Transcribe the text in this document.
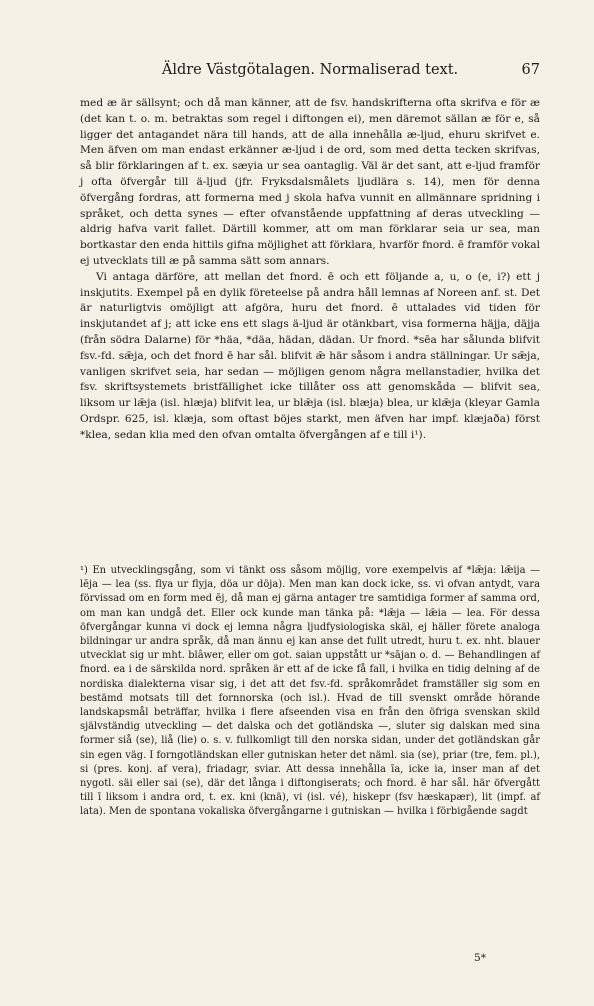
Äldre Västgötalagen. Normaliserad text.	67

med æ är sällsynt; och då man känner, att de fsv. handskrifterna ofta skrifva e för æ (det kan t. o. m. betraktas som regel i diftongen ei), men däremot sällan æ för e, så ligger det antagandet nära till hands, att de alla innehålla æ-ljud, ehuru skrifvet e. Men äfven om man endast erkänner æ-ljud i de ord, som med detta tecken skrifvas, så blir förklaringen af t. ex. sæyia ur sea oantaglig. Väl är det sant, att e-ljud framför j ofta öfvergår till ä-ljud (jfr. Fryksdalsmålets ljudlära s. 14), men för denna öfvergång fordras, att formerna med j skola hafva vunnit en allmännare spridning i språket, och detta synes — efter ofvanstående uppfattning af deras utveckling — aldrig hafva varit fallet. Därtill kommer, att om man förklarar seia ur sea, man bortkastar den enda hittils gifna möjlighet att förklara, hvarför fnord. ē framför vokal ej utvecklats till æ på samma sätt som annars.

Vi antaga därföre, att mellan det fnord. ē och ett följande a, u, o (e, i?) ett j inskjutits. Exempel på en dylik företeelse på andra håll lemnas af Noreen anf. st. Det är naturligtvis omöjligt att afgöra, huru det fnord. ē uttalades vid tiden för inskjutandet af j; att icke ens ett slags ä-ljud är otänkbart, visa formerna häjja, däjja (från södra Dalarne) för *häa, *däa, hädan, dädan. Ur fnord. *sēa har sålunda blifvit fsv.-fd. sǣja, och det fnord ē har sål. blifvit ǣ här såsom i andra ställningar. Ur sǣja, vanligen skrifvet seia, har sedan — möjligen genom några mellanstadier, hvilka det fsv. skriftsystemets bristfällighet icke tillåter oss att genomskåda — blifvit sea, liksom ur lǣja (isl. hlæja) blifvit lea, ur blǣja (isl. blæja) blea, ur klǣja (kleyar Gamla Ordspr. 625, isl. klæja, som oftast böjes starkt, men äfven har impf. klæjaða) först *klea, sedan klia med den ofvan omtalta öfvergången af e till i¹).

¹) En utvecklingsgång, som vi tänkt oss såsom möjlig, vore exempelvis af *lǣja: lǣija — lēja — lea (ss. flya ur flyja, döa ur döja). Men man kan dock icke, ss. vi ofvan antydt, vara förvissad om en form med ēj, då man ej gärna antager tre samtidiga former af samma ord, om man kan undgå det. Eller ock kunde man tänka på: *lǣja — lǣia — lea. För dessa öfvergångar kunna vi dock ej lemna några ljudfysiologiska skäl, ej häller förete analoga bildningar ur andra språk, då man ännu ej kan anse det fullt utredt, huru t. ex. nht. blauer utvecklat sig ur mht. blâwer, eller om got. saian uppstått ur *sājan o. d. — Behandlingen af fnord. ea i de särskilda nord. språken är ett af de icke få fall, i hvilka en tidig delning af de nordiska dialekterna visar sig, i det att det fsv.-fd. språkområdet framställer sig som en bestämd motsats till det fornnorska (och isl.). Hvad de till svenskt område hörande landskapsmål beträffar, hvilka i flere afseenden visa en från den öfriga svenskan skild självständig utveckling — det dalska och det gotländska —, sluter sig dalskan med sina former siå (se), liå (lie) o. s. v. fullkomligt till den norska sidan, under det gotländskan går sin egen väg. I forngotländskan eller gutniskan heter det näml. sia (se), priar (tre, fem. pl.), si (pres. konj. af vera), friadagr, sviar. Att dessa innehålla īa, icke ia, inser man af det nygotl. säi eller sai (se), där det långa i diftongiserats; och fnord. ē har sål. här öfvergått till ī liksom i andra ord, t. ex. kni (knä), vi (isl. vé), hiskepr (fsv hæskapær), lit (impf. af lata). Men de spontana vokaliska öfvergångarne i gutniskan — hvilka i förbigående sagdt

5*
